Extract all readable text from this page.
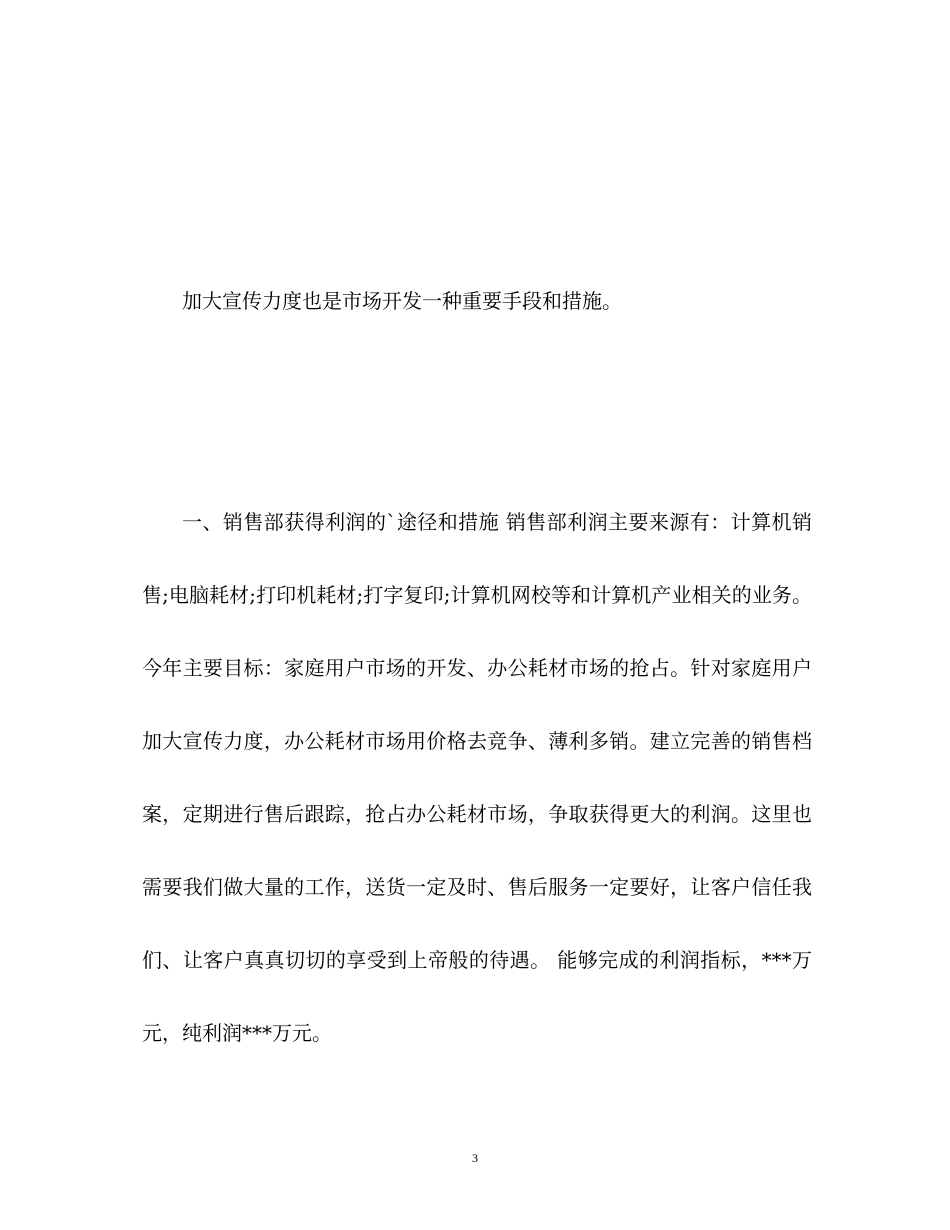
加大宣传力度也是市场开发一种重要手段和措施。

一、销售部获得利润的`途径和措施 销售部利润主要来源有：计算机销售;电脑耗材;打印机耗材;打字复印;计算机网校等和计算机产业相关的业务。今年主要目标：家庭用户市场的开发、办公耗材市场的抢占。针对家庭用户加大宣传力度，办公耗材市场用价格去竞争、薄利多销。建立完善的销售档案，定期进行售后跟踪，抢占办公耗材市场，争取获得更大的利润。这里也需要我们做大量的工作，送货一定及时、售后服务一定要好，让客户信任我们、让客户真真切切的享受到上帝般的待遇。 能够完成的利润指标，***万元，纯利润***万元。

3
